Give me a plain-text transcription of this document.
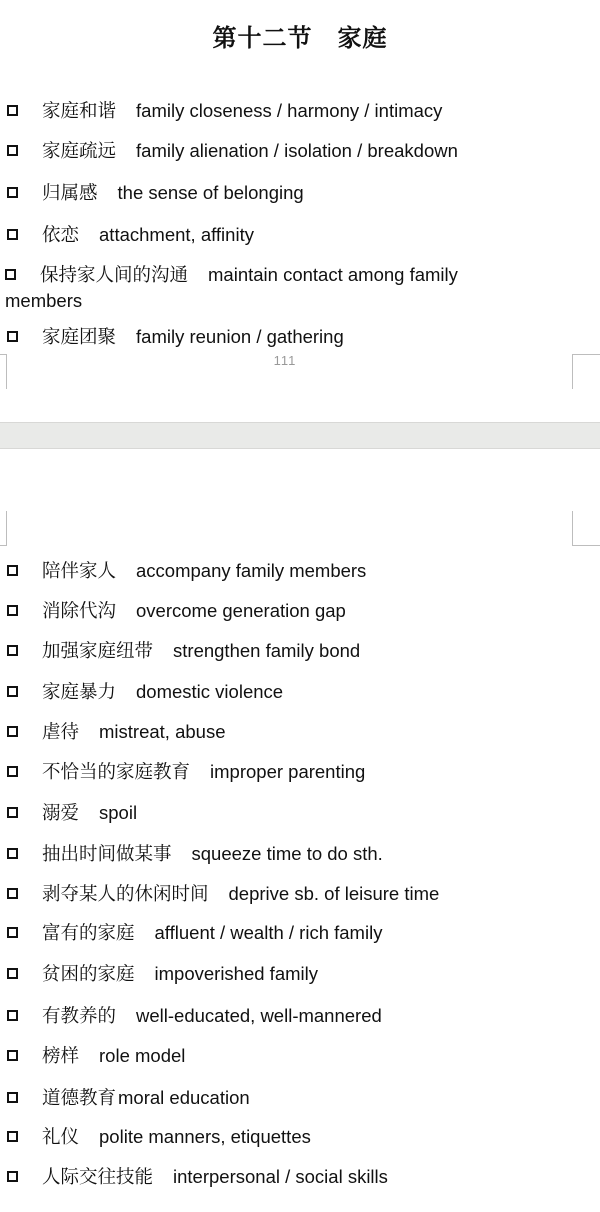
第十二节　家庭
家庭和谐 family closeness / harmony / intimacy
家庭疏远 family alienation / isolation / breakdown
归属感 the sense of belonging
依恋 attachment, affinity
保持家人间的沟通 maintain contact among family members
家庭团聚 family reunion / gathering
111
陪伴家人 accompany family members
消除代沟 overcome generation gap
加强家庭纽带 strengthen family bond
家庭暴力 domestic violence
虐待 mistreat, abuse
不恰当的家庭教育 improper parenting
溺爱 spoil
抽出时间做某事 squeeze time to do sth.
剥夺某人的休闲时间 deprive sb. of leisure time
富有的家庭 affluent / wealth / rich family
贫困的家庭 impoverished family
有教养的 well-educated, well-mannered
榜样 role model
道德教育 moral education
礼仪 polite manners, etiquettes
人际交往技能 interpersonal / social skills
